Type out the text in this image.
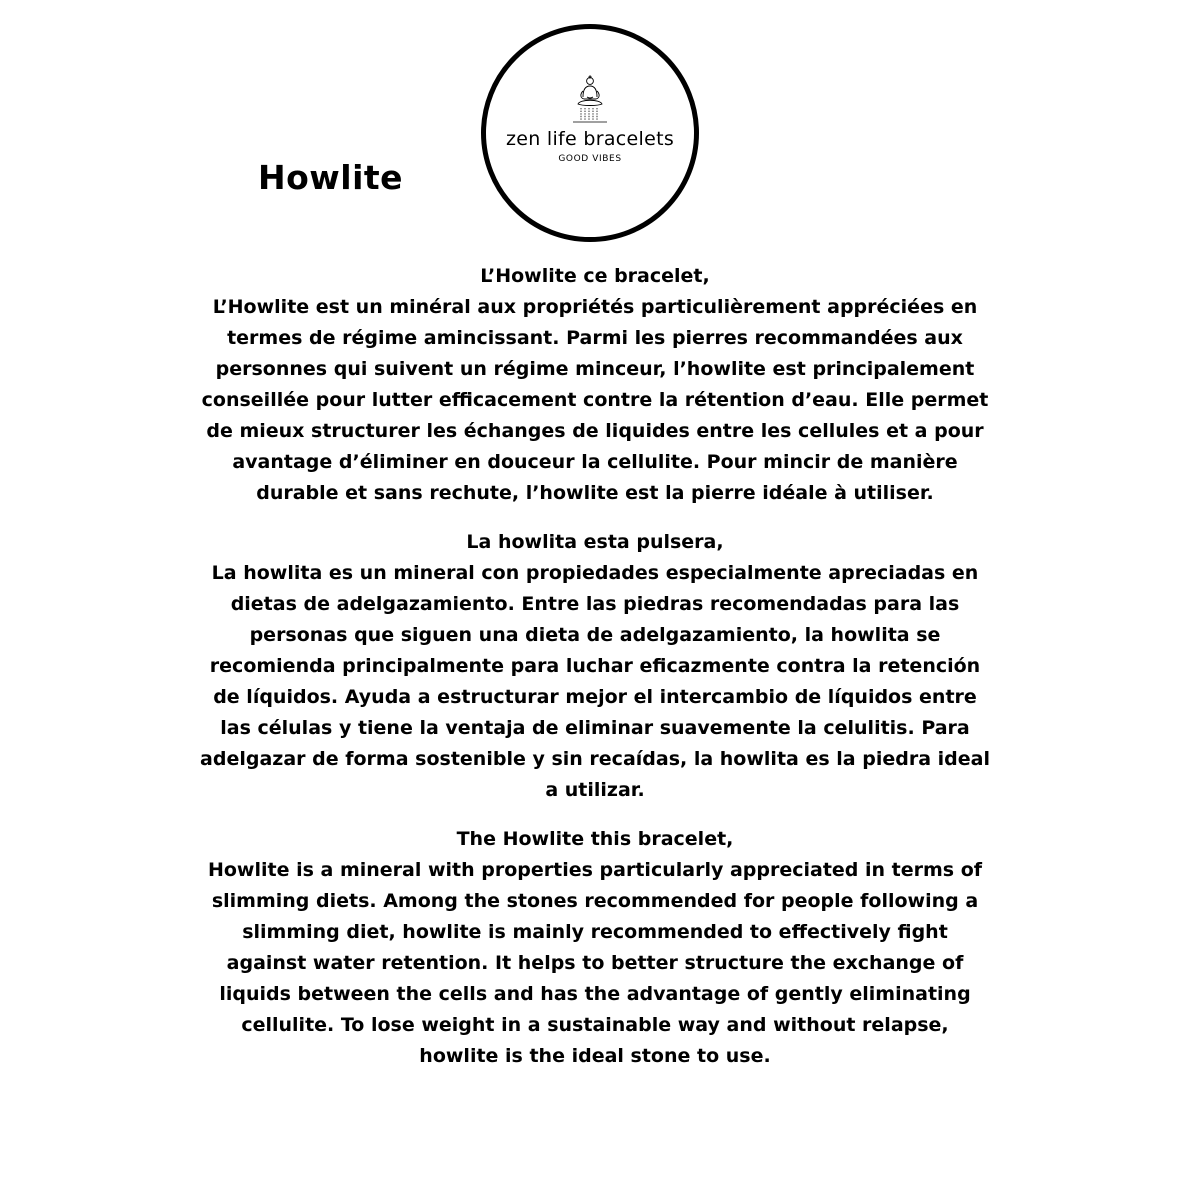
Howlite
zen life bracelets
GOOD VIBES

L’Howlite ce bracelet,

L’Howlite est un minéral aux propriétés particulièrement appréciées en termes de régime amincissant. Parmi les pierres recommandées aux personnes qui suivent un régime minceur, l’howlite est principalement conseillée pour lutter efficacement contre la rétention d’eau. Elle permet de mieux structurer les échanges de liquides entre les cellules et a pour avantage d’éliminer en douceur la cellulite. Pour mincir de manière durable et sans rechute, l’howlite est la pierre idéale à utiliser.

La howlita esta pulsera,

La howlita es un mineral con propiedades especialmente apreciadas en dietas de adelgazamiento. Entre las piedras recomendadas para las personas que siguen una dieta de adelgazamiento, la howlita se recomienda principalmente para luchar eficazmente contra la retención de líquidos. Ayuda a estructurar mejor el intercambio de líquidos entre las células y tiene la ventaja de eliminar suavemente la celulitis. Para adelgazar de forma sostenible y sin recaídas, la howlita es la piedra ideal a utilizar.

The Howlite this bracelet,

Howlite is a mineral with properties particularly appreciated in terms of slimming diets. Among the stones recommended for people following a slimming diet, howlite is mainly recommended to effectively fight against water retention. It helps to better structure the exchange of liquids between the cells and has the advantage of gently eliminating cellulite. To lose weight in a sustainable way and without relapse, howlite is the ideal stone to use.
